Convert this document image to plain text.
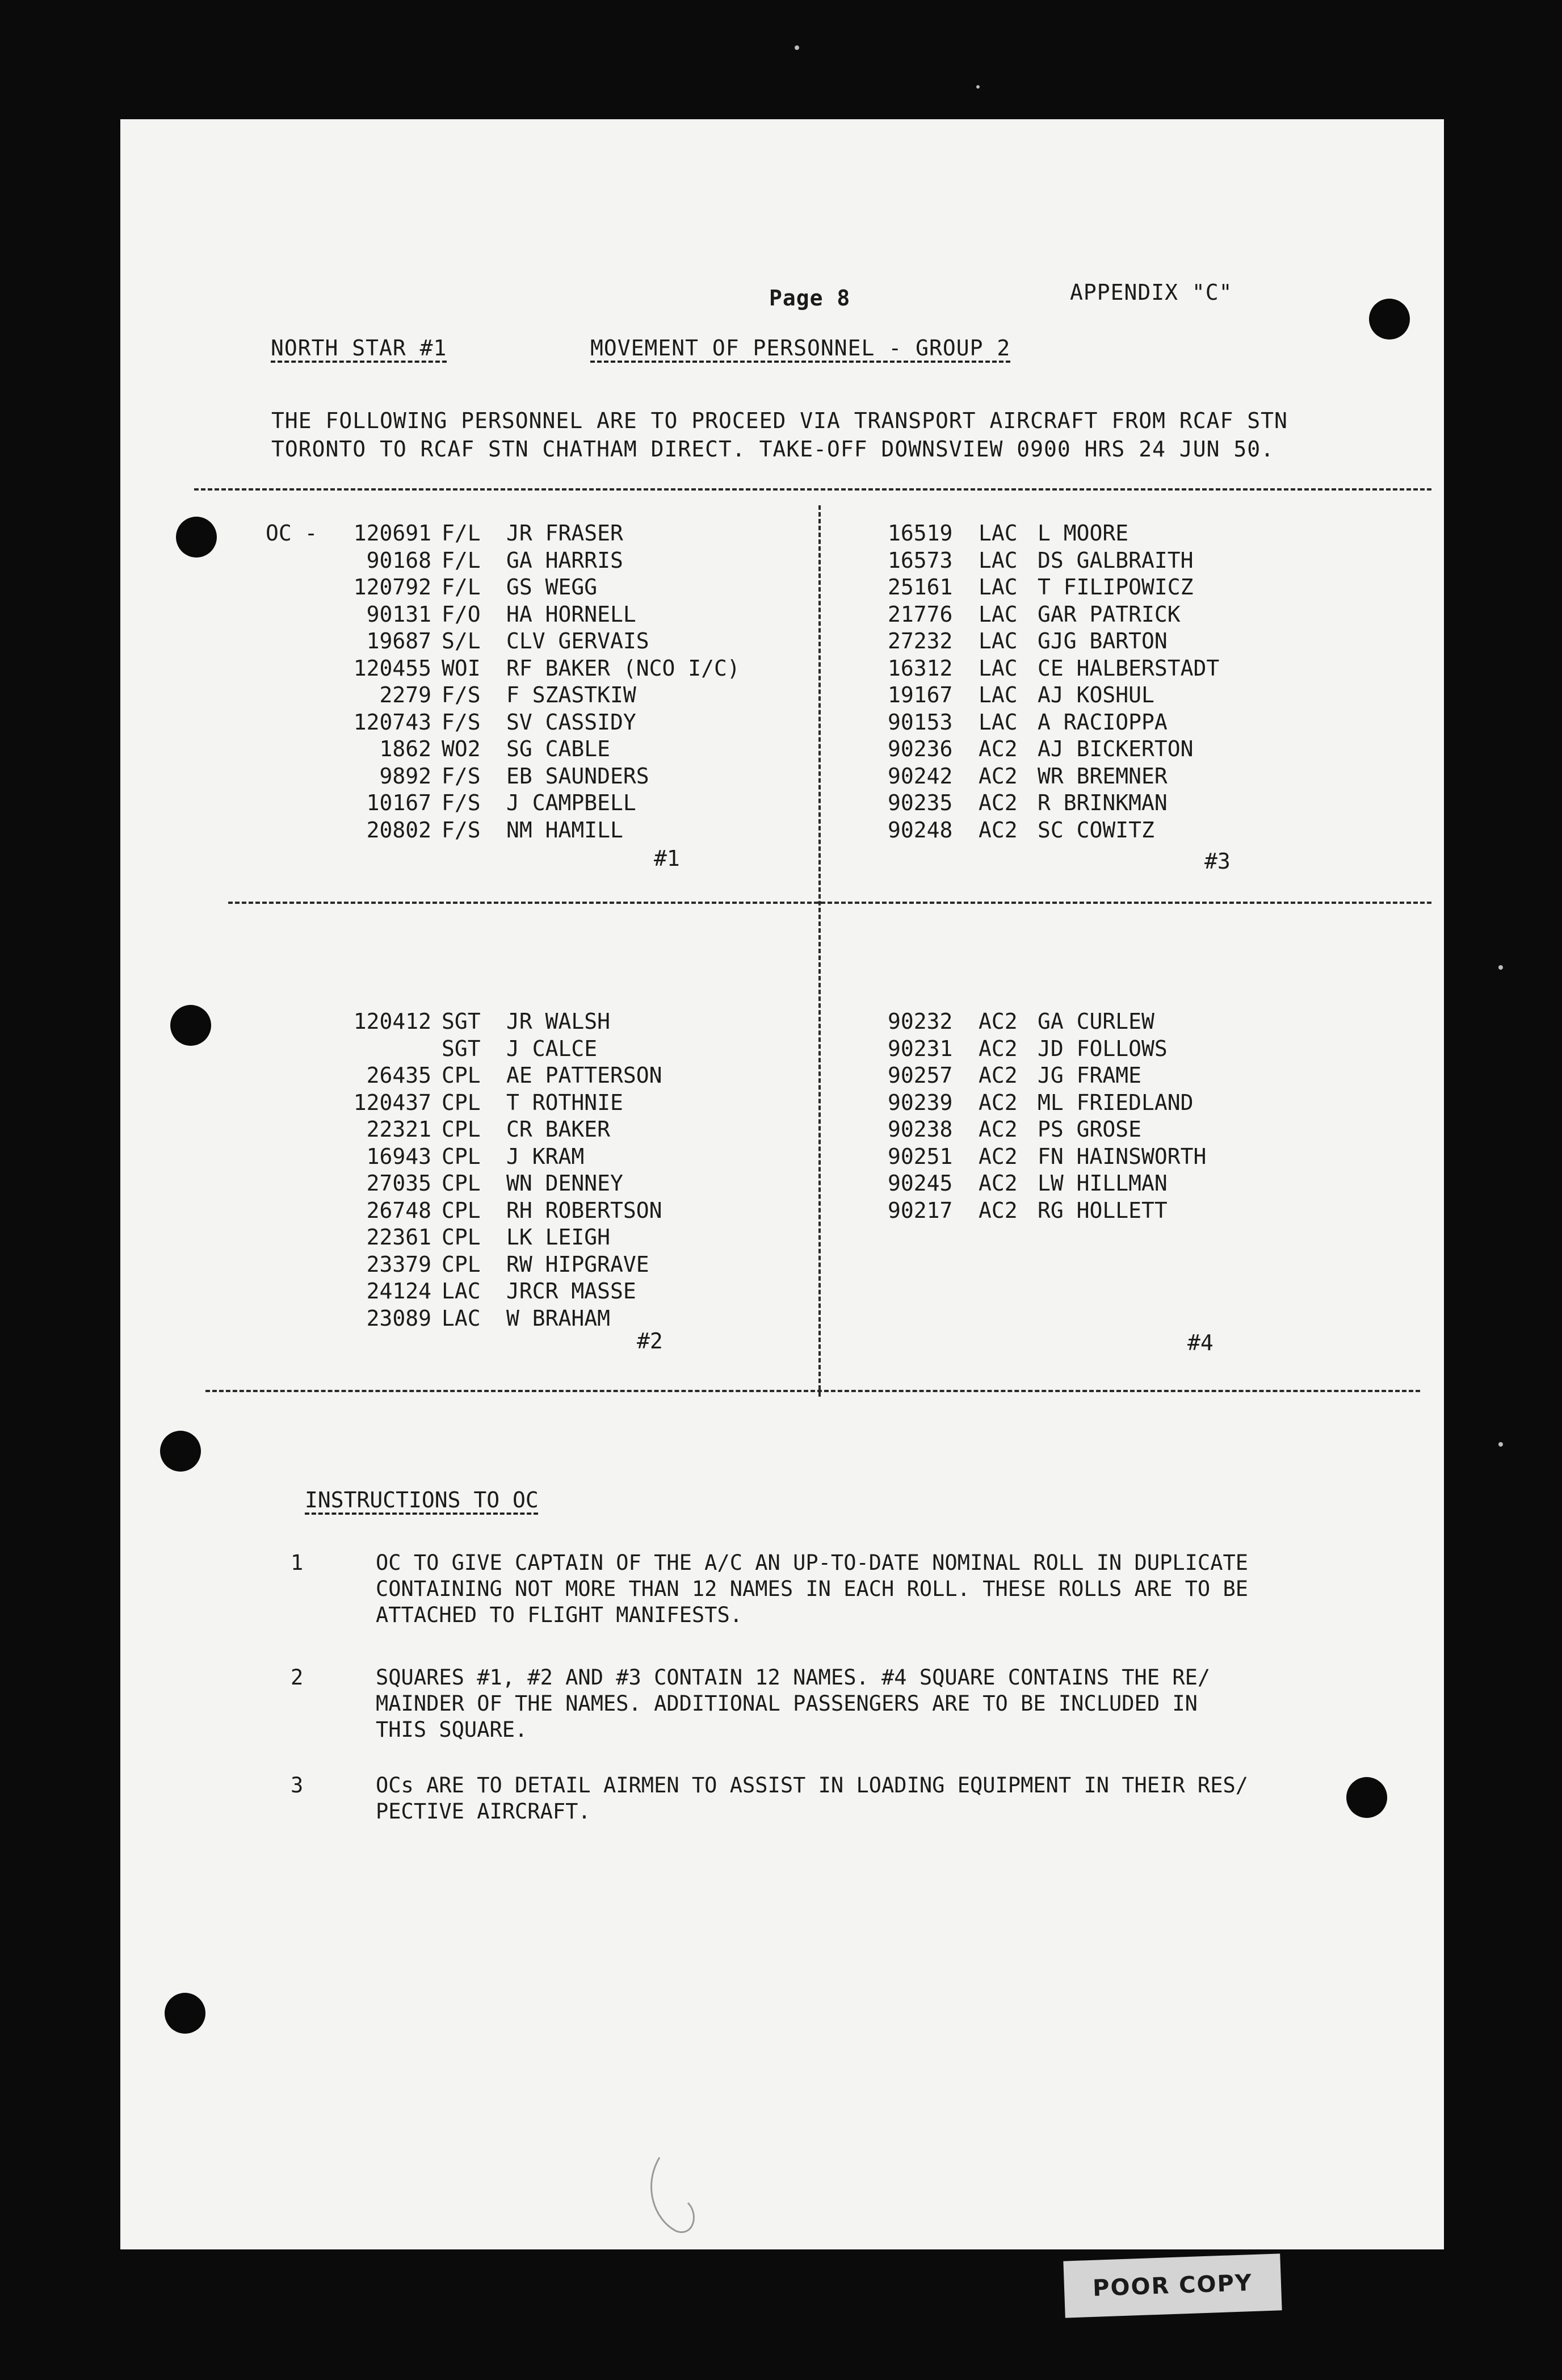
Page 8	APPENDIX "C"
NORTH STAR #1	MOVEMENT OF PERSONNEL - GROUP 2
THE FOLLOWING PERSONNEL ARE TO PROCEED VIA TRANSPORT AIRCRAFT FROM RCAF STN
TORONTO TO RCAF STN CHATHAM DIRECT. TAKE-OFF DOWNSVIEW 0900 HRS 24 JUN 50.
OC -	120691 F/L	JR FRASER
90168 F/L	GA HARRIS
120792 F/L	GS WEGG
90131 F/O	HA HORNELL
19687 S/L	CLV GERVAIS
120455 WOI	RF BAKER (NCO I/C)
2279 F/S	F SZASTKIW
120743 F/S	SV CASSIDY
1862 WO2	SG CABLE
9892 F/S	EB SAUNDERS
10167 F/S	J CAMPBELL
20802 F/S	NM HAMILL
#1
16519	LAC L MOORE
16573	LAC DS GALBRAITH
25161	LAC T FILIPOWICZ
21776	LAC GAR PATRICK
27232	LAC GJG BARTON
16312	LAC CE HALBERSTADT
19167	LAC AJ KOSHUL
90153	LAC A RACIOPPA
90236	AC2 AJ BICKERTON
90242	AC2 WR BREMNER
90235	AC2 R BRINKMAN
90248	AC2 SC COWITZ
#3
120412 SGT	JR WALSH
SGT	J CALCE
26435 CPL	AE PATTERSON
120437 CPL	T ROTHNIE
22321 CPL	CR BAKER
16943 CPL	J KRAM
27035 CPL	WN DENNEY
26748 CPL	RH ROBERTSON
22361 CPL	LK LEIGH
23379 CPL	RW HIPGRAVE
24124 LAC	JRCR MASSE
23089 LAC	W BRAHAM
#2
90232	AC2 GA CURLEW
90231	AC2 JD FOLLOWS
90257	AC2 JG FRAME
90239	AC2 ML FRIEDLAND
90238	AC2 PS GROSE
90251	AC2 FN HAINSWORTH
90245	AC2 LW HILLMAN
90217	AC2 RG HOLLETT
#4
INSTRUCTIONS TO OC
1	OC TO GIVE CAPTAIN OF THE A/C AN UP-TO-DATE NOMINAL ROLL IN DUPLICATE
CONTAINING NOT MORE THAN 12 NAMES IN EACH ROLL. THESE ROLLS ARE TO BE
ATTACHED TO FLIGHT MANIFESTS.
2	SQUARES #1, #2 AND #3 CONTAIN 12 NAMES. #4 SQUARE CONTAINS THE RE/
MAINDER OF THE NAMES. ADDITIONAL PASSENGERS ARE TO BE INCLUDED IN
THIS SQUARE.
3	OCs ARE TO DETAIL AIRMEN TO ASSIST IN LOADING EQUIPMENT IN THEIR RES/
PECTIVE AIRCRAFT.
POOR COPY
